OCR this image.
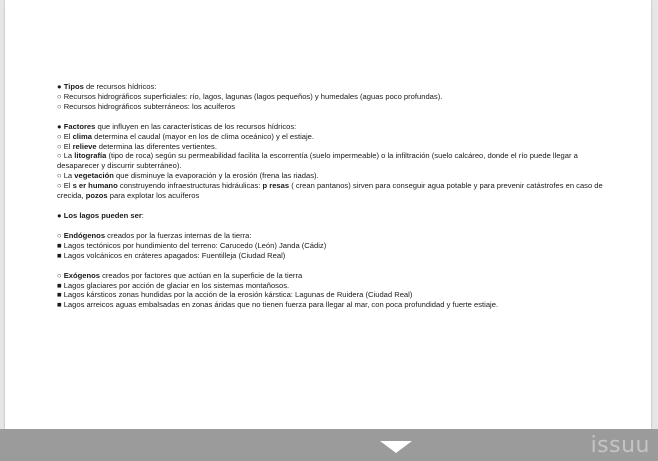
● Tipos de recursos hídricos:

○ Recursos hidrográficos superficiales: río, lagos, lagunas (lagos pequeños) y humedales (aguas poco profundas).

○ Recursos hidrográficos subterráneos: los acuíferos

● Factores que influyen en las características de los recursos hídricos:

○ El clima determina el caudal (mayor en los de clima oceánico) y el estiaje.

○ El relieve determina las diferentes vertientes.

○ La litografía (tipo de roca) según su permeabilidad facilita la escorrentía (suelo impermeable) o la infiltración (suelo calcáreo, donde el río puede llegar a desaparecer y discurrir subterráneo).

○ La vegetación que disminuye la evaporación y la erosión (frena las riadas).

○ El s er humano construyendo infraestructuras hidráulicas: p resas ( crean pantanos) sirven para conseguir agua potable y para prevenir catástrofes en caso de crecida, pozos para explotar los acuíferos

● Los lagos pueden ser:

○ Endógenos creados por la fuerzas internas de la tierra:

■ Lagos tectónicos por hundimiento del terreno: Carucedo (León) Janda (Cádiz)

■ Lagos volcánicos en cráteres apagados: Fuentilleja (Ciudad Real)

○ Exógenos creados por factores que actúan en la superficie de la tierra

■ Lagos glaciares por acción de glaciar en los sistemas montañosos.

■ Lagos kársticos zonas hundidas por la acción de la erosión kárstica: Lagunas de Ruidera (Ciudad Real)

■ Lagos arreicos aguas embalsadas en zonas áridas que no tienen fuerza para llegar al mar, con poca profundidad y fuerte estiaje.

issuu
